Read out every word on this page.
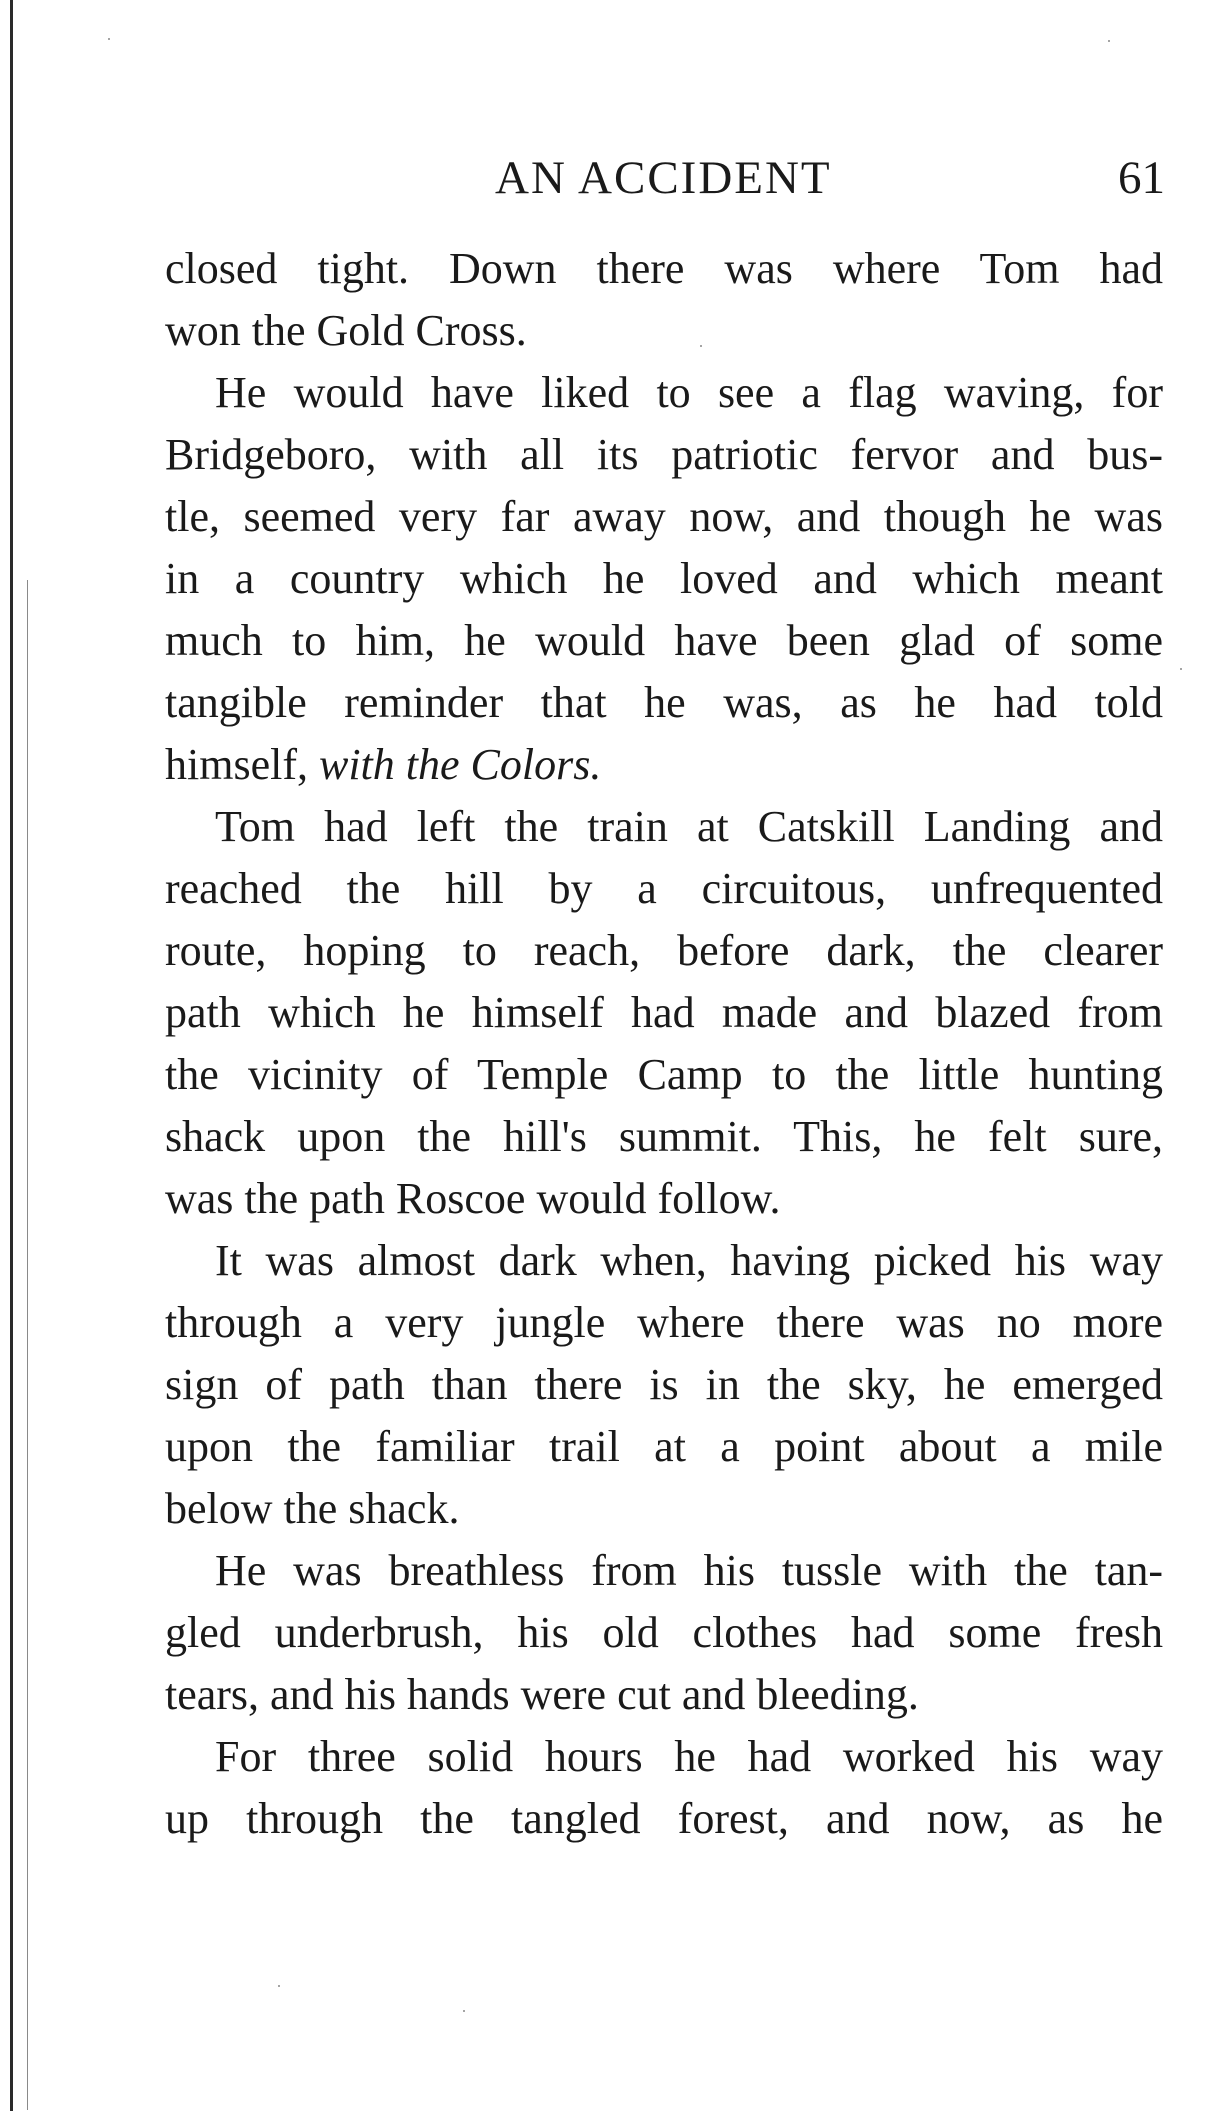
AN ACCIDENT	61
closed tight. Down there was where Tom had
won the Gold Cross.
He would have liked to see a flag waving, for
Bridgeboro, with all its patriotic fervor and bus-
tle, seemed very far away now, and though he was
in a country which he loved and which meant
much to him, he would have been glad of some
tangible reminder that he was, as he had told
himself, with the Colors.
Tom had left the train at Catskill Landing and
reached the hill by a circuitous, unfrequented
route, hoping to reach, before dark, the clearer
path which he himself had made and blazed from
the vicinity of Temple Camp to the little hunting
shack upon the hill's summit. This, he felt sure,
was the path Roscoe would follow.
It was almost dark when, having picked his way
through a very jungle where there was no more
sign of path than there is in the sky, he emerged
upon the familiar trail at a point about a mile
below the shack.
He was breathless from his tussle with the tan-
gled underbrush, his old clothes had some fresh
tears, and his hands were cut and bleeding.
For three solid hours he had worked his way
up through the tangled forest, and now, as he
